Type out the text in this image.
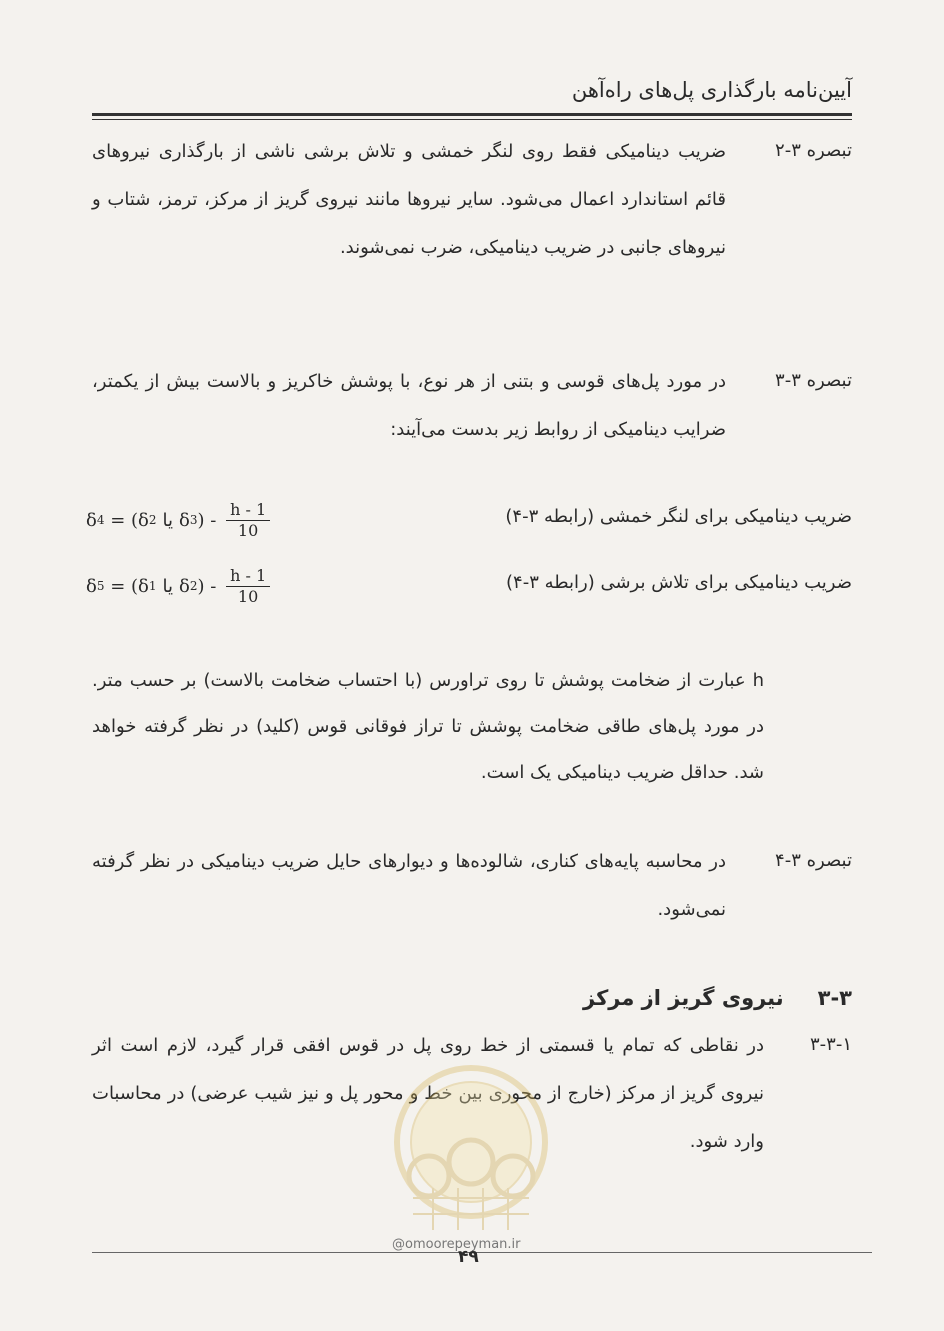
آیین‌نامه بارگذاری پل‌های راه‌آهن
تبصره ۳-۲
ضریب دینامیکی فقط روی لنگر خمشی و تلاش برشی ناشی از بارگذاری نیروهای قائم استاندارد اعمال می‌شود. سایر نیروها مانند نیروی گریز از مرکز، ترمز، شتاب و نیروهای جانبی در ضریب دینامیکی، ضرب نمی‌شوند.
تبصره ۳-۳
در مورد پل‌های قوسی و بتنی از هر نوع، با پوشش خاکریز و بالاست بیش از یکمتر، ضرایب دینامیکی از روابط زیر بدست می‌آیند:
ضریب دینامیکی برای لنگر خمشی (رابطه ۳-۴)
δ 4 = ( δ 2 یا δ 3 ) - $\frac{h - 1}{10}$
ضریب دینامیکی برای تلاش برشی (رابطه ۳-۴)
δ 5 = ( δ 1 یا δ 2 ) - $\frac{h - 1}{10}$
h عبارت از ضخامت پوشش تا روی تراورس (با احتساب ضخامت بالاست) بر حسب متر. در مورد پل‌های طاقی ضخامت پوشش تا تراز فوقانی قوس (کلید) در نظر گرفته خواهد شد. حداقل ضریب دینامیکی یک است.
تبصره ۳-۴
در محاسبه پایه‌های کناری، شالوده‌ها و دیوارهای حایل ضریب دینامیکی در نظر گرفته نمی‌شود.
۳-۳نیروی گریز از مرکز
۳-۳-۱
در نقاطی که تمام یا قسمتی از خط روی پل در قوس افقی قرار گیرد، لازم است اثر نیروی گریز از مرکز (خارج از محوری بین خط و محور پل و نیز شیب عرضی) در محاسبات وارد شود.
@omoorepeyman.ir
۴۹
